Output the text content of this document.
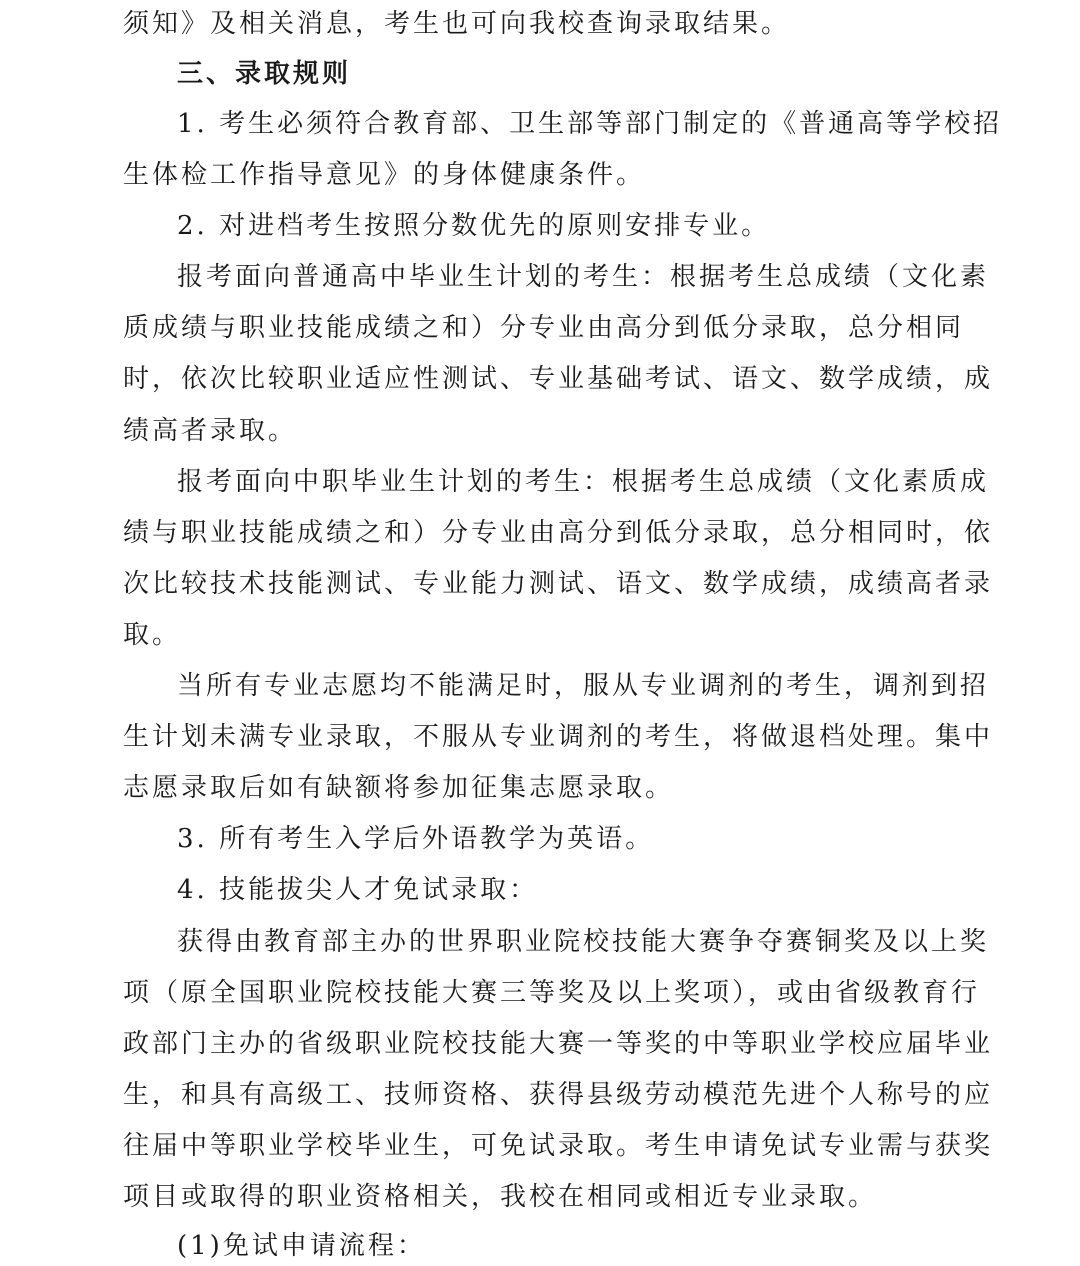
须知》及相关消息，考生也可向我校查询录取结果。
三、录取规则
1. 考生必须符合教育部、卫生部等部门制定的《普通高等学校招
生体检工作指导意见》的身体健康条件。
2. 对进档考生按照分数优先的原则安排专业。
报考面向普通高中毕业生计划的考生：根据考生总成绩（文化素
质成绩与职业技能成绩之和）分专业由高分到低分录取，总分相同
时，依次比较职业适应性测试、专业基础考试、语文、数学成绩，成
绩高者录取。
报考面向中职毕业生计划的考生：根据考生总成绩（文化素质成
绩与职业技能成绩之和）分专业由高分到低分录取，总分相同时，依
次比较技术技能测试、专业能力测试、语文、数学成绩，成绩高者录
取。
当所有专业志愿均不能满足时，服从专业调剂的考生，调剂到招
生计划未满专业录取，不服从专业调剂的考生，将做退档处理。集中
志愿录取后如有缺额将参加征集志愿录取。
3. 所有考生入学后外语教学为英语。
4. 技能拔尖人才免试录取：
获得由教育部主办的世界职业院校技能大赛争夺赛铜奖及以上奖
项（原全国职业院校技能大赛三等奖及以上奖项），或由省级教育行
政部门主办的省级职业院校技能大赛一等奖的中等职业学校应届毕业
生，和具有高级工、技师资格、获得县级劳动模范先进个人称号的应
往届中等职业学校毕业生，可免试录取。考生申请免试专业需与获奖
项目或取得的职业资格相关，我校在相同或相近专业录取。
(1)免试申请流程：
